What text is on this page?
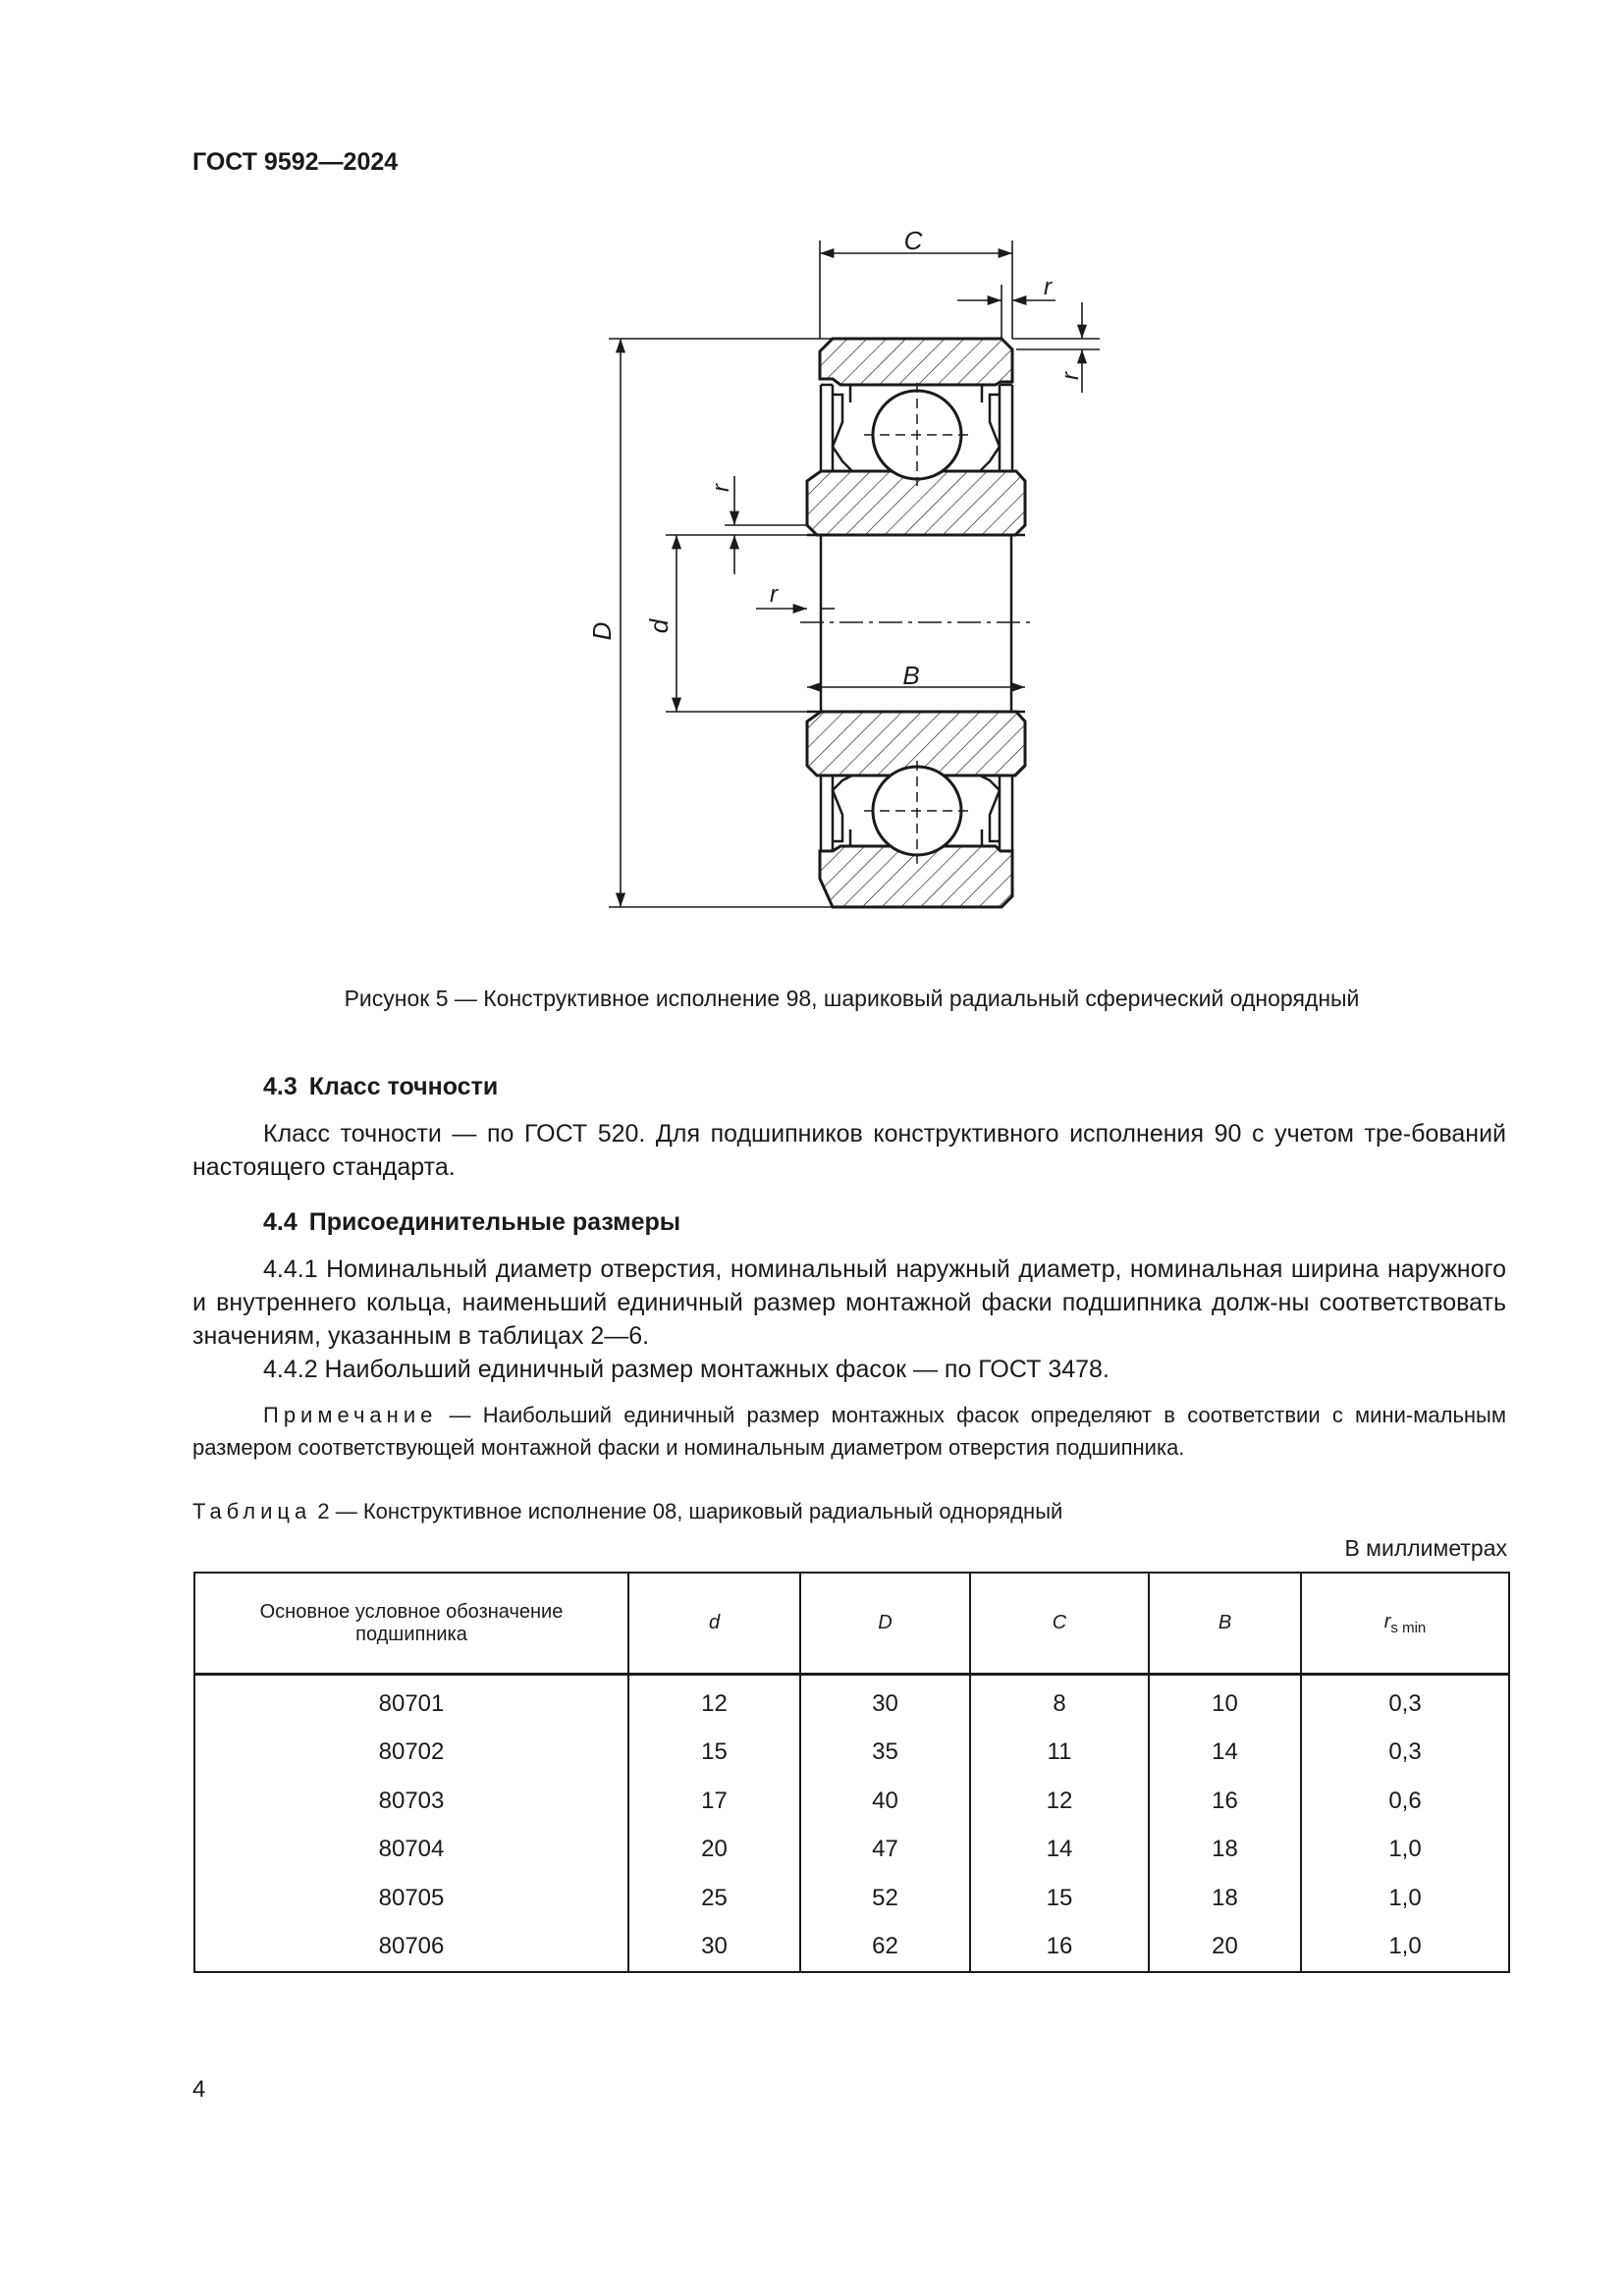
ГОСТ 9592—2024
C
r
r
D d
r
r
B
Рисунок 5 — Конструктивное исполнение 98, шариковый радиальный сферический однорядный
4.3 Класс точности
Класс точности — по ГОСТ 520. Для подшипников конструктивного исполнения 90 с учетом тре-бований настоящего стандарта.
4.4 Присоединительные размеры
4.4.1 Номинальный диаметр отверстия, номинальный наружный диаметр, номинальная ширина наружного и внутреннего кольца, наименьший единичный размер монтажной фаски подшипника долж-ны соответствовать значениям, указанным в таблицах 2—6.
4.4.2 Наибольший единичный размер монтажных фасок — по ГОСТ 3478.
Примечание — Наибольший единичный размер монтажных фасок определяют в соответствии с мини-мальным размером соответствующей монтажной фаски и номинальным диаметром отверстия подшипника.
Таблица 2 — Конструктивное исполнение 08, шариковый радиальный однорядный
В миллиметрах
Основное условное обозначение подшипника	d	D	C	B	$r_{s min}$
80701	12	30	8	10	0,3
80702	15	35	11	14	0,3
80703	17	40	12	16	0,6
80704	20	47	14	18	1,0
80705	25	52	15	18	1,0
80706	30	62	16	20	1,0
4
